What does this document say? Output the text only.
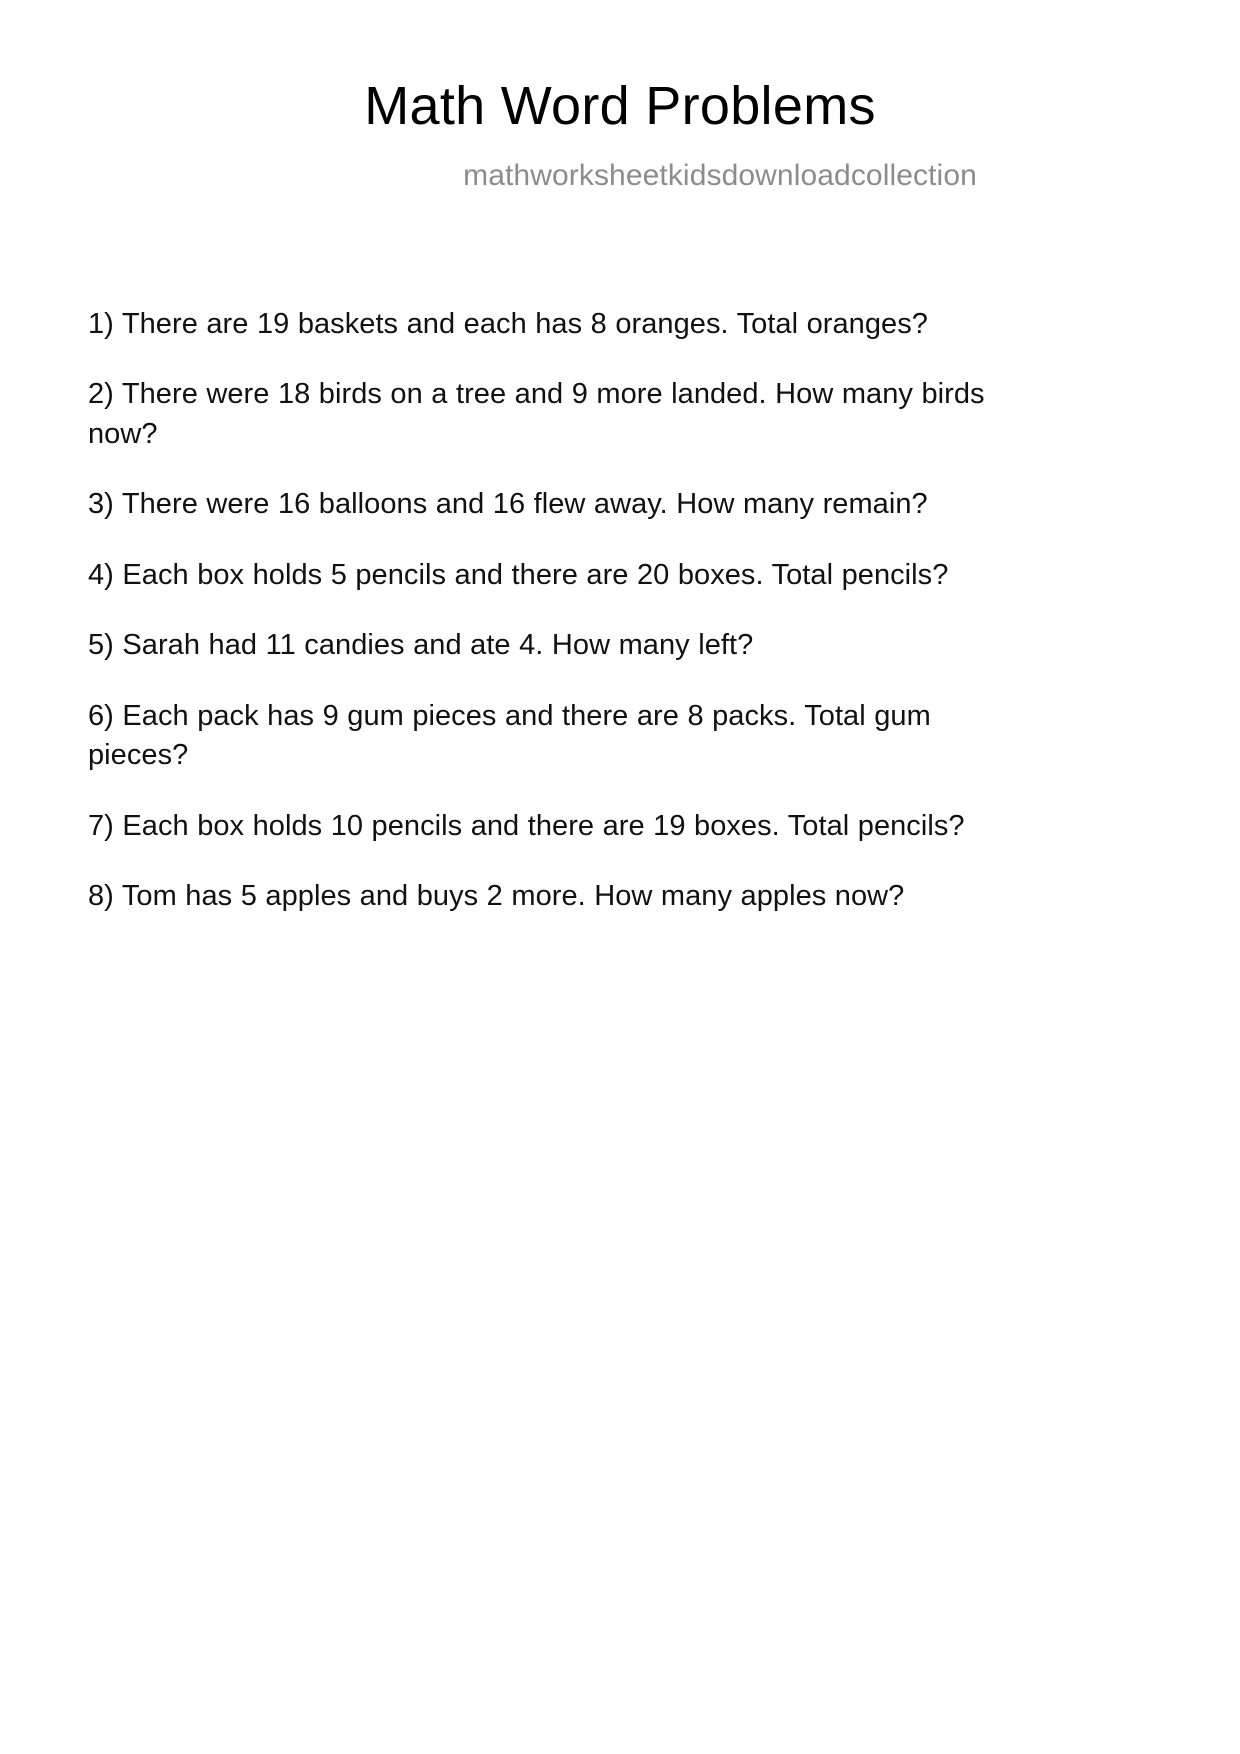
Math Word Problems
mathworksheetkidsdownloadcollection
1) There are 19 baskets and each has 8 oranges. Total oranges?
2) There were 18 birds on a tree and 9 more landed. How many birds now?
3) There were 16 balloons and 16 flew away. How many remain?
4) Each box holds 5 pencils and there are 20 boxes. Total pencils?
5) Sarah had 11 candies and ate 4. How many left?
6) Each pack has 9 gum pieces and there are 8 packs. Total gum pieces?
7) Each box holds 10 pencils and there are 19 boxes. Total pencils?
8) Tom has 5 apples and buys 2 more. How many apples now?
